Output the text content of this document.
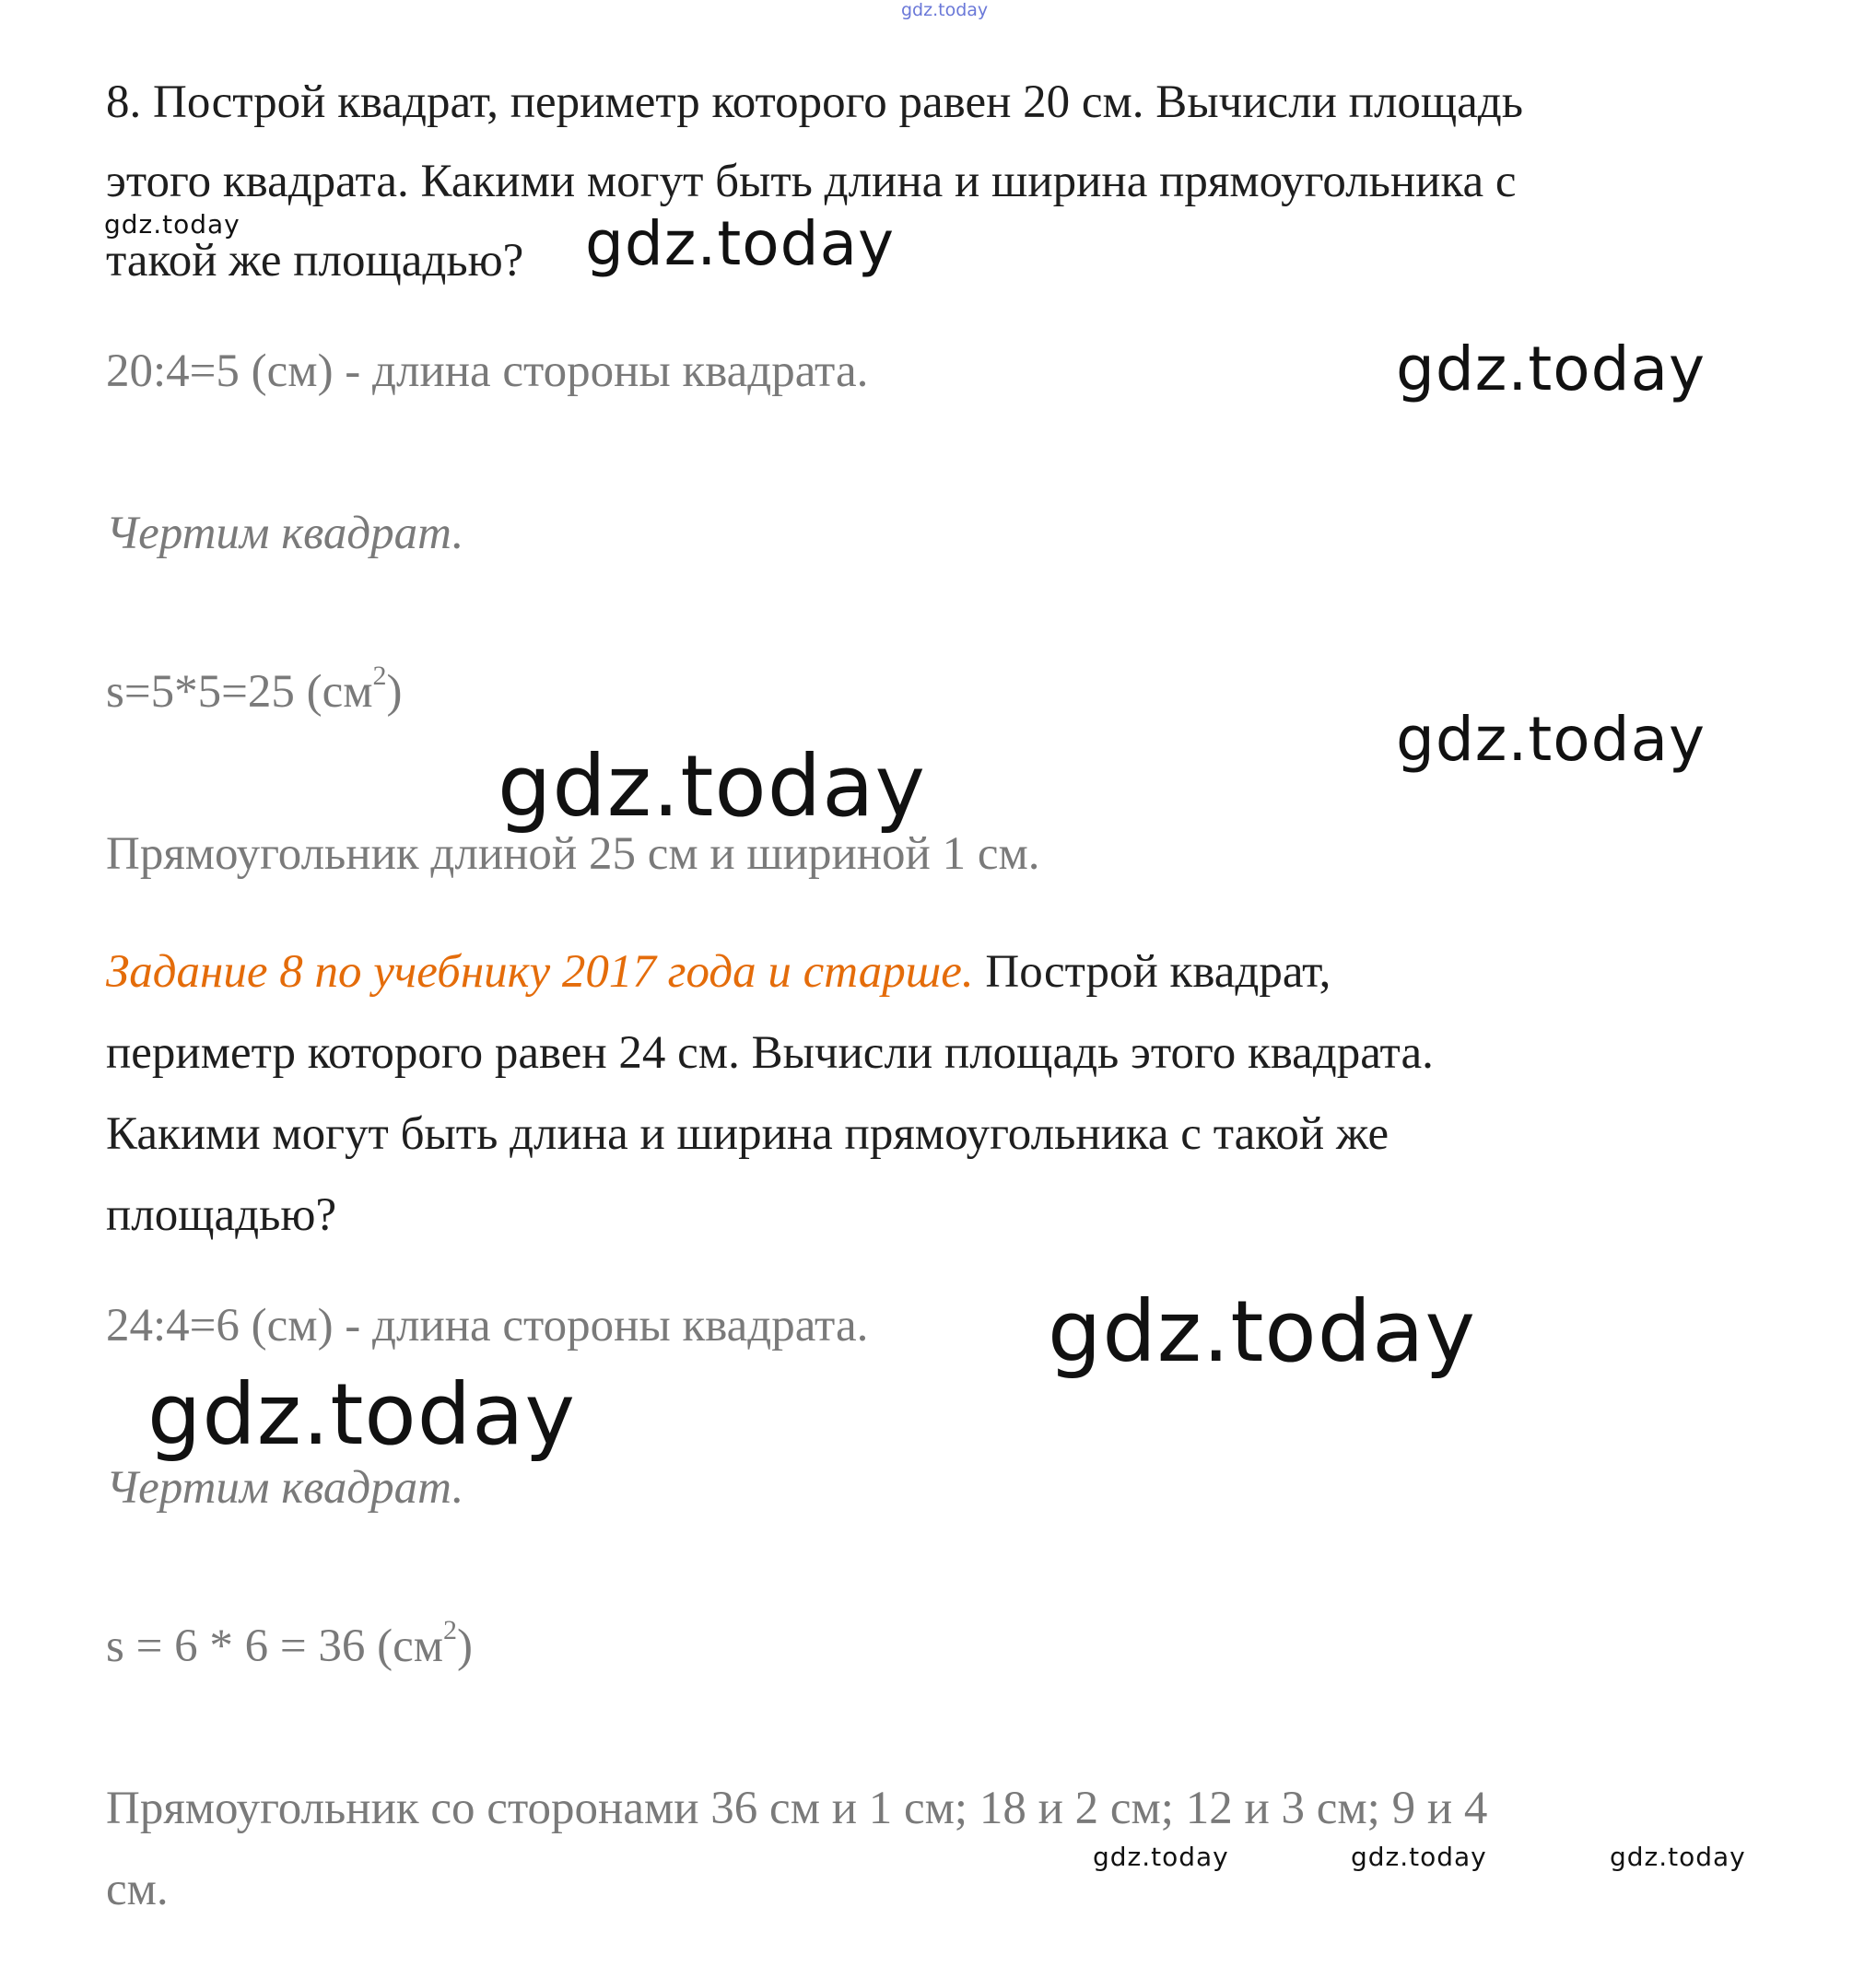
8. Построй квадрат, периметр которого равен 20 см. Вычисли площадь
этого квадрата. Какими могут быть длина и ширина прямоугольника с
такой же площадью?
20:4=5 (см) - длина стороны квадрата.
Чертим квадрат.
s=5*5=25 $(см^2)$
Прямоугольник длиной 25 см и шириной 1 см.
Задание 8 по учебнику 2017 года и старше. Построй квадрат,
периметр которого равен 24 см. Вычисли площадь этого квадрата.
Какими могут быть длина и ширина прямоугольника с такой же
площадью?
24:4=6 (см) - длина стороны квадрата.
Чертим квадрат.
s = 6 * 6 = 36 $(см^2)$
Прямоугольник со сторонами 36 см и 1 см; 18 и 2 см; 12 и 3 см; 9 и 4
см.
gdz.today
gdz.today	gdz.today
gdz.today
gdz.today
gdz.today
gdz.today
gdz.today
gdz.today	gdz.today	gdz.today
